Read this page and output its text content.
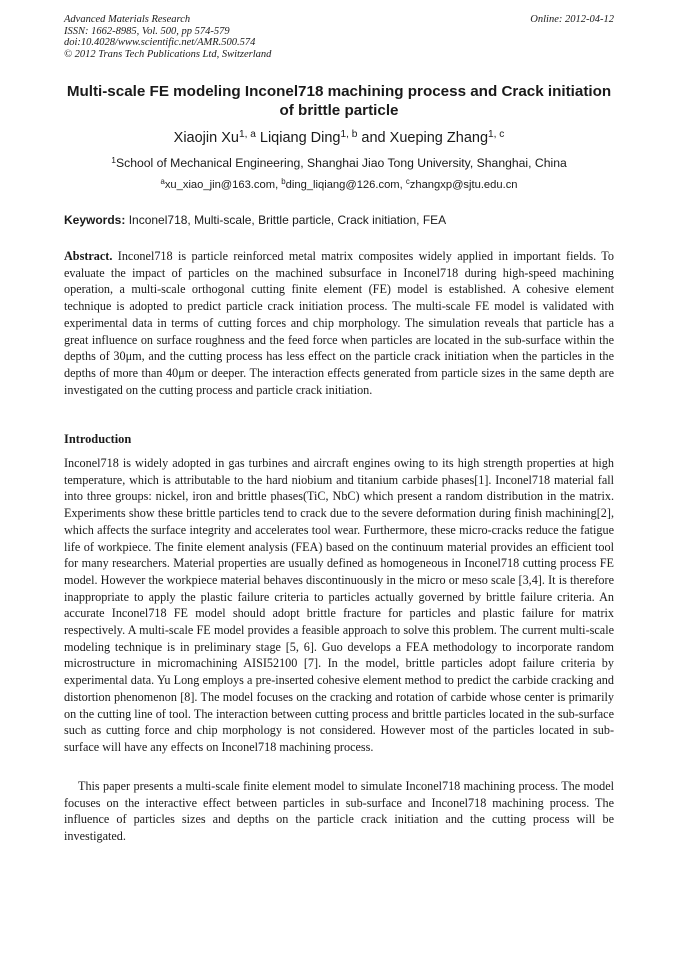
Advanced Materials Research	Online: 2012-04-12
ISSN: 1662-8985, Vol. 500, pp 574-579
doi:10.4028/www.scientific.net/AMR.500.574
© 2012 Trans Tech Publications Ltd, Switzerland
Multi-scale FE modeling Inconel718 machining process and Crack initiation of brittle particle
Xiaojin Xu$^{1, a}$ Liqiang Ding$^{1, b}$ and Xueping Zhang$^{1, c}$
$^1$School of Mechanical Engineering, Shanghai Jiao Tong University, Shanghai, China
$^a$xu_xiao_jin@163.com, $^b$ding_liqiang@126.com, $^c$zhangxp@sjtu.edu.cn
Keywords: Inconel718, Multi-scale, Brittle particle, Crack initiation, FEA
Abstract. Inconel718 is particle reinforced metal matrix composites widely applied in important fields. To evaluate the impact of particles on the machined subsurface in Inconel718 during high-speed machining operation, a multi-scale orthogonal cutting finite element (FE) model is established. A cohesive element technique is adopted to predict particle crack initiation process. The multi-scale FE model is validated with experimental data in terms of cutting forces and chip morphology. The simulation reveals that particle has a great influence on surface roughness and the feed force when particles are located in the sub-surface within the depths of 30μm, and the cutting process has less effect on the particle crack initiation when the particles in the depths of more than 40μm or deeper. The interaction effects generated from particle sizes in the same depth are investigated on the cutting process and particle crack initiation.
Introduction
Inconel718 is widely adopted in gas turbines and aircraft engines owing to its high strength properties at high temperature, which is attributable to the hard niobium and titanium carbide phases[1]. Inconel718 material fall into three groups: nickel, iron and brittle phases(TiC, NbC) which present a random distribution in the matrix. Experiments show these brittle particles tend to crack due to the severe deformation during finish machining[2], which affects the surface integrity and accelerates tool wear. Furthermore, these micro-cracks reduce the fatigue life of workpiece. The finite element analysis (FEA) based on the continuum material provides an efficient tool for many researchers. Material properties are usually defined as homogeneous in Inconel718 cutting process FE model. However the workpiece material behaves discontinuously in the micro or meso scale [3,4]. It is therefore inappropriate to apply the plastic failure criteria to particles actually governed by brittle failure criteria. An accurate Inconel718 FE model should adopt brittle fracture for particles and plastic failure for matrix respectively. A multi-scale FE model provides a feasible approach to solve this problem. The current multi-scale modeling technique is in preliminary stage [5, 6]. Guo develops a FEA methodology to incorporate random microstructure in micromachining AISI52100 [7]. In the model, brittle particles adopt failure criteria by experimental data. Yu Long employs a pre-inserted cohesive element method to predict the carbide cracking and distortion phenomenon [8]. The model focuses on the cracking and rotation of carbide whose center is primarily on the cutting line of tool. The interaction between cutting process and brittle particles located in the sub-surface such as cutting force and chip morphology is not considered. However most of the particles located in sub-surface will have any effects on Inconel718 machining process.
This paper presents a multi-scale finite element model to simulate Inconel718 machining process. The model focuses on the interactive effect between particles in sub-surface and Inconel718 machining process. The influence of particles sizes and depths on the particle crack initiation and the cutting process will be investigated.
